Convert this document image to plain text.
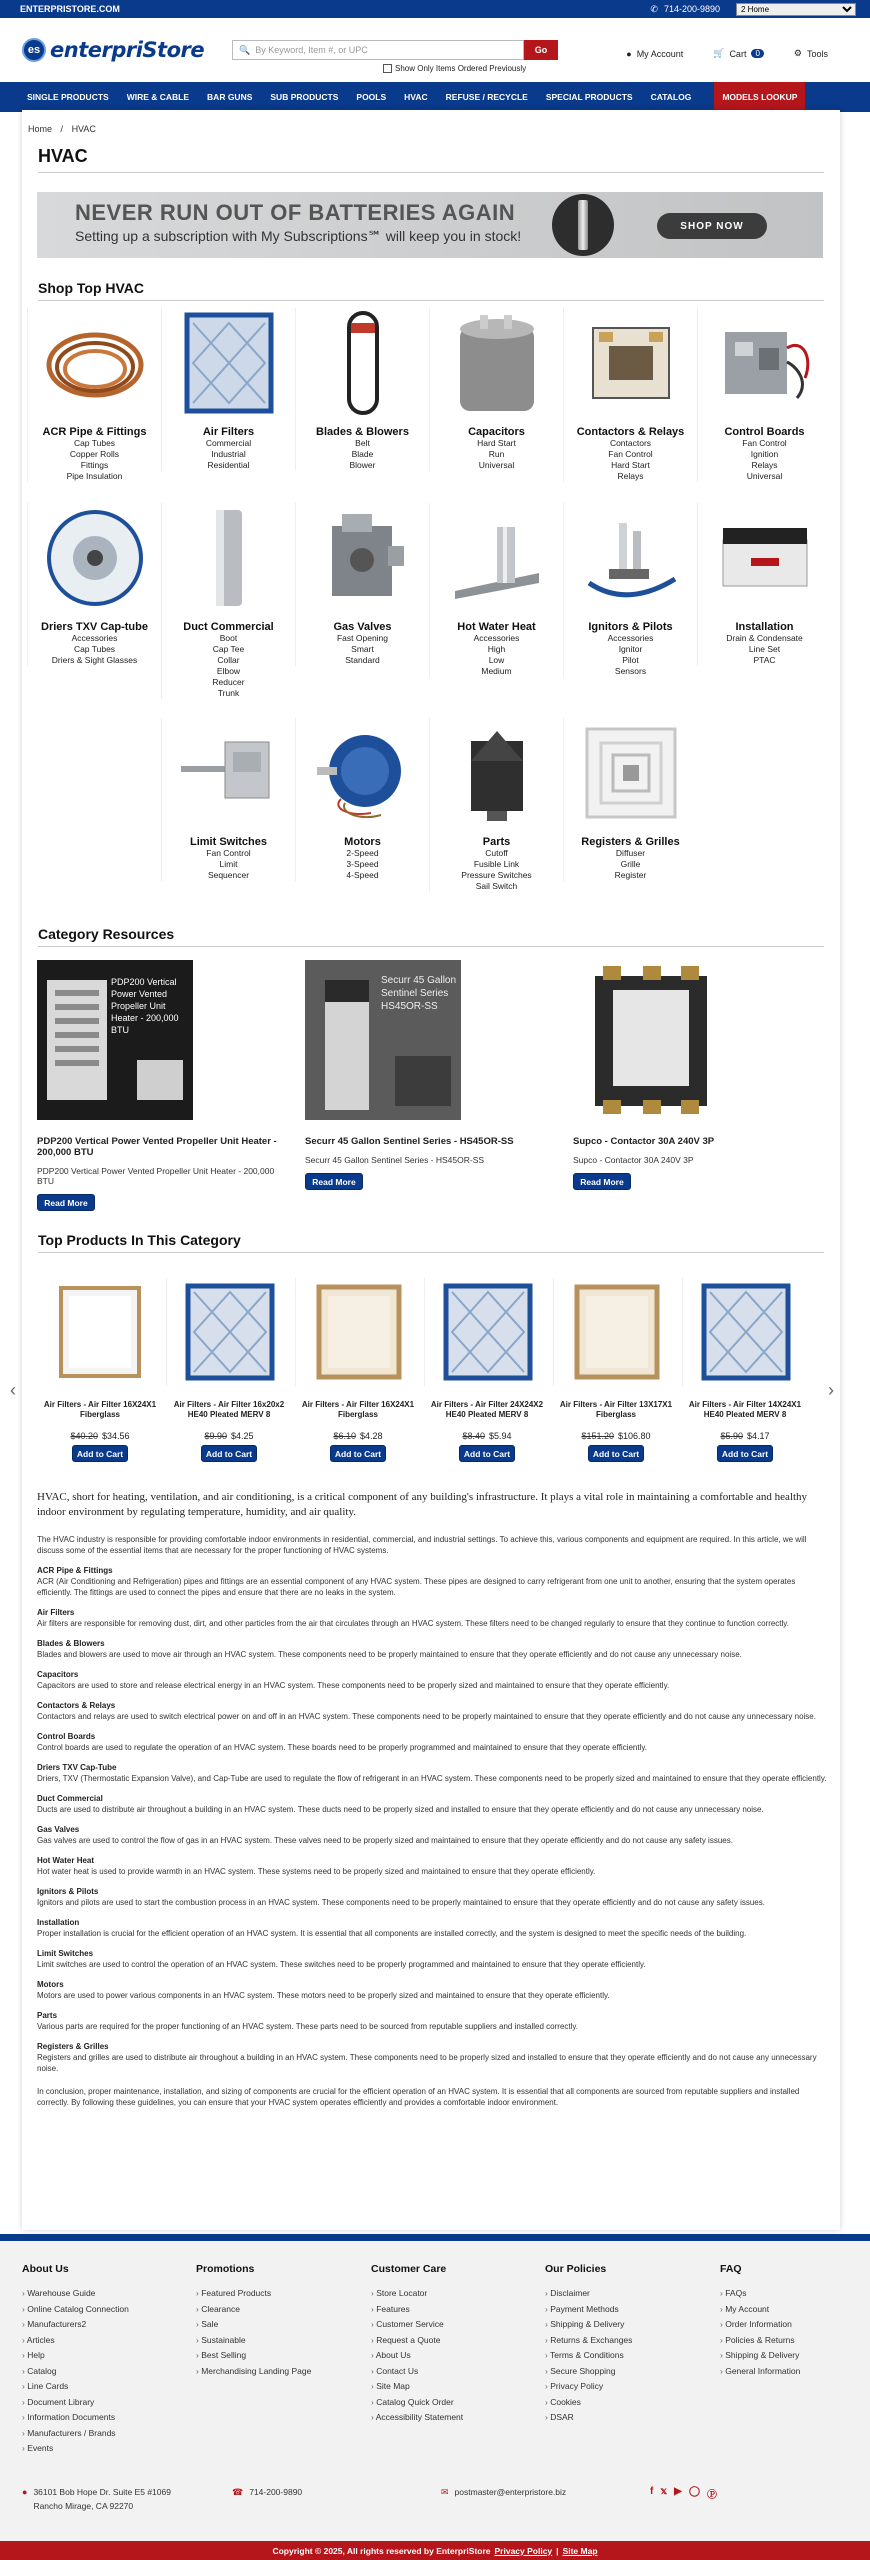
ENTERPRISTORE.COM	✆ 714-200-9890
2 Home
es enterpriStore	🔍 By Keyword, Item #, or UPC	Go
Show Only Items Ordered Previously
● My Account	🛒 Cart	0	⚙ Tools
SINGLE PRODUCTS	WIRE & CABLE	BAR GUNS	SUB PRODUCTS	POOLS	HVAC	REFUSE / RECYCLE	SPECIAL PRODUCTS	CATALOG	MODELS LOOKUP
Home / HVAC
HVAC
NEVER RUN OUT OF BATTERIES AGAIN
Setting up a subscription with My Subscriptions℠ will keep you in stock!
SHOP NOW
Shop Top HVAC
ACR Pipe & Fittings
Cap Tubes
Copper Rolls
Fittings
Pipe Insulation
Air Filters
Commercial
Industrial
Residential
Blades & Blowers
Belt
Blade
Blower
Capacitors
Hard Start
Run
Universal
Contactors & Relays
Contactors
Fan Control
Hard Start
Relays
Control Boards
Fan Control
Ignition
Relays
Universal
Driers TXV Cap-tube
Accessories
Cap Tubes
Driers & Sight Glasses
Duct Commercial
Boot
Cap Tee
Collar
Elbow
Reducer
Trunk
Gas Valves
Fast Opening
Smart
Standard
Hot Water Heat
Accessories
High
Low
Medium
Ignitors & Pilots
Accessories
Ignitor
Pilot
Sensors
Installation
Drain & Condensate
Line Set
PTAC
Limit Switches
Fan Control
Limit
Sequencer
Motors
2-Speed
3-Speed
4-Speed
Parts
Cutoff
Fusible Link
Pressure Switches
Sail Switch
Registers & Grilles
Diffuser
Grille
Register
Category Resources
PDP200 Vertical Power Vented Propeller Unit Heater - 200,000 BTU
PDP200 Vertical Power Vented Propeller Unit Heater - 200,000 BTU
PDP200 Vertical Power Vented Propeller Unit Heater - 200,000 BTU
Read More
Securr 45 Gallon Sentinel Series HS45OR-SS
Securr 45 Gallon Sentinel Series - HS45OR-SS
Securr 45 Gallon Sentinel Series - HS45OR-SS
Read More
Supco - Contactor 30A 240V 3P
Supco - Contactor 30A 240V 3P
Read More
Top Products In This Category
‹	›
Air Filters - Air Filter 16X24X1 Fiberglass
$40.20 $34.56
Add to Cart
Air Filters - Air Filter 16x20x2 HE40 Pleated MERV 8
$9.90 $4.25
Add to Cart
Air Filters - Air Filter 16X24X1 Fiberglass
$6.10 $4.28
Add to Cart
Air Filters - Air Filter 24X24X2 HE40 Pleated MERV 8
$8.40 $5.94
Add to Cart
Air Filters - Air Filter 13X17X1 Fiberglass
$151.20 $106.80
Add to Cart
Air Filters - Air Filter 14X24X1 HE40 Pleated MERV 8
$5.90 $4.17
Add to Cart
HVAC, short for heating, ventilation, and air conditioning, is a critical component of any building's infrastructure. It plays a vital role in maintaining a comfortable and healthy indoor environment by regulating temperature, humidity, and air quality.

The HVAC industry is responsible for providing comfortable indoor environments in residential, commercial, and industrial settings. To achieve this, various components and equipment are required. In this article, we will discuss some of the essential items that are necessary for the proper functioning of HVAC systems.

ACR Pipe & Fittings

ACR (Air Conditioning and Refrigeration) pipes and fittings are an essential component of any HVAC system. These pipes are designed to carry refrigerant from one unit to another, ensuring that the system operates efficiently. The fittings are used to connect the pipes and ensure that there are no leaks in the system.

Air Filters

Air filters are responsible for removing dust, dirt, and other particles from the air that circulates through an HVAC system. These filters need to be changed regularly to ensure that they continue to function correctly.

Blades & Blowers

Blades and blowers are used to move air through an HVAC system. These components need to be properly maintained to ensure that they operate efficiently and do not cause any unnecessary noise.

Capacitors

Capacitors are used to store and release electrical energy in an HVAC system. These components need to be properly sized and maintained to ensure that they operate efficiently.

Contactors & Relays

Contactors and relays are used to switch electrical power on and off in an HVAC system. These components need to be properly maintained to ensure that they operate efficiently and do not cause any unnecessary noise.

Control Boards

Control boards are used to regulate the operation of an HVAC system. These boards need to be properly programmed and maintained to ensure that they operate efficiently.

Driers TXV Cap-Tube

Driers, TXV (Thermostatic Expansion Valve), and Cap-Tube are used to regulate the flow of refrigerant in an HVAC system. These components need to be properly sized and maintained to ensure that they operate efficiently.

Duct Commercial

Ducts are used to distribute air throughout a building in an HVAC system. These ducts need to be properly sized and installed to ensure that they operate efficiently and do not cause any unnecessary noise.

Gas Valves

Gas valves are used to control the flow of gas in an HVAC system. These valves need to be properly sized and maintained to ensure that they operate efficiently and do not cause any safety issues.

Hot Water Heat

Hot water heat is used to provide warmth in an HVAC system. These systems need to be properly sized and maintained to ensure that they operate efficiently.

Ignitors & Pilots

Ignitors and pilots are used to start the combustion process in an HVAC system. These components need to be properly maintained to ensure that they operate efficiently and do not cause any safety issues.

Installation

Proper installation is crucial for the efficient operation of an HVAC system. It is essential that all components are installed correctly, and the system is designed to meet the specific needs of the building.

Limit Switches

Limit switches are used to control the operation of an HVAC system. These switches need to be properly programmed and maintained to ensure that they operate efficiently.

Motors

Motors are used to power various components in an HVAC system. These motors need to be properly sized and maintained to ensure that they operate efficiently.

Parts

Various parts are required for the proper functioning of an HVAC system. These parts need to be sourced from reputable suppliers and installed correctly.

Registers & Grilles

Registers and grilles are used to distribute air throughout a building in an HVAC system. These components need to be properly sized and installed to ensure that they operate efficiently and do not cause any unnecessary noise.

In conclusion, proper maintenance, installation, and sizing of components are crucial for the efficient operation of an HVAC system. It is essential that all components are sourced from reputable suppliers and installed correctly. By following these guidelines, you can ensure that your HVAC system operates efficiently and provides a comfortable indoor environment.

About Us
› Warehouse Guide
› Online Catalog Connection
› Manufacturers2
› Articles
› Help
› Catalog
› Line Cards
› Document Library
› Information Documents
› Manufacturers / Brands
› Events
Promotions
› Featured Products
› Clearance
› Sale
› Sustainable
› Best Selling
› Merchandising Landing Page
Customer Care
› Store Locator
› Features
› Customer Service
› Request a Quote
› About Us
› Contact Us
› Site Map
› Catalog Quick Order
› Accessibility Statement
Our Policies
› Disclaimer
› Payment Methods
› Shipping & Delivery
› Returns & Exchanges
› Terms & Conditions
› Secure Shopping
› Privacy Policy
› Cookies
› DSAR
FAQ
› FAQs
› My Account
› Order Information
› Policies & Returns
› Shipping & Delivery
› General Information
● 36101 Bob Hope Dr. Suite E5 #1069
Rancho Mirage, CA 92270
☎ 714-200-9890	✉ postmaster@enterpristore.biz	f 𝕩 ▶ ◯ Ⓟ
Copyright © 2025, All rights reserved by EnterpriStore Privacy Policy | Site Map
